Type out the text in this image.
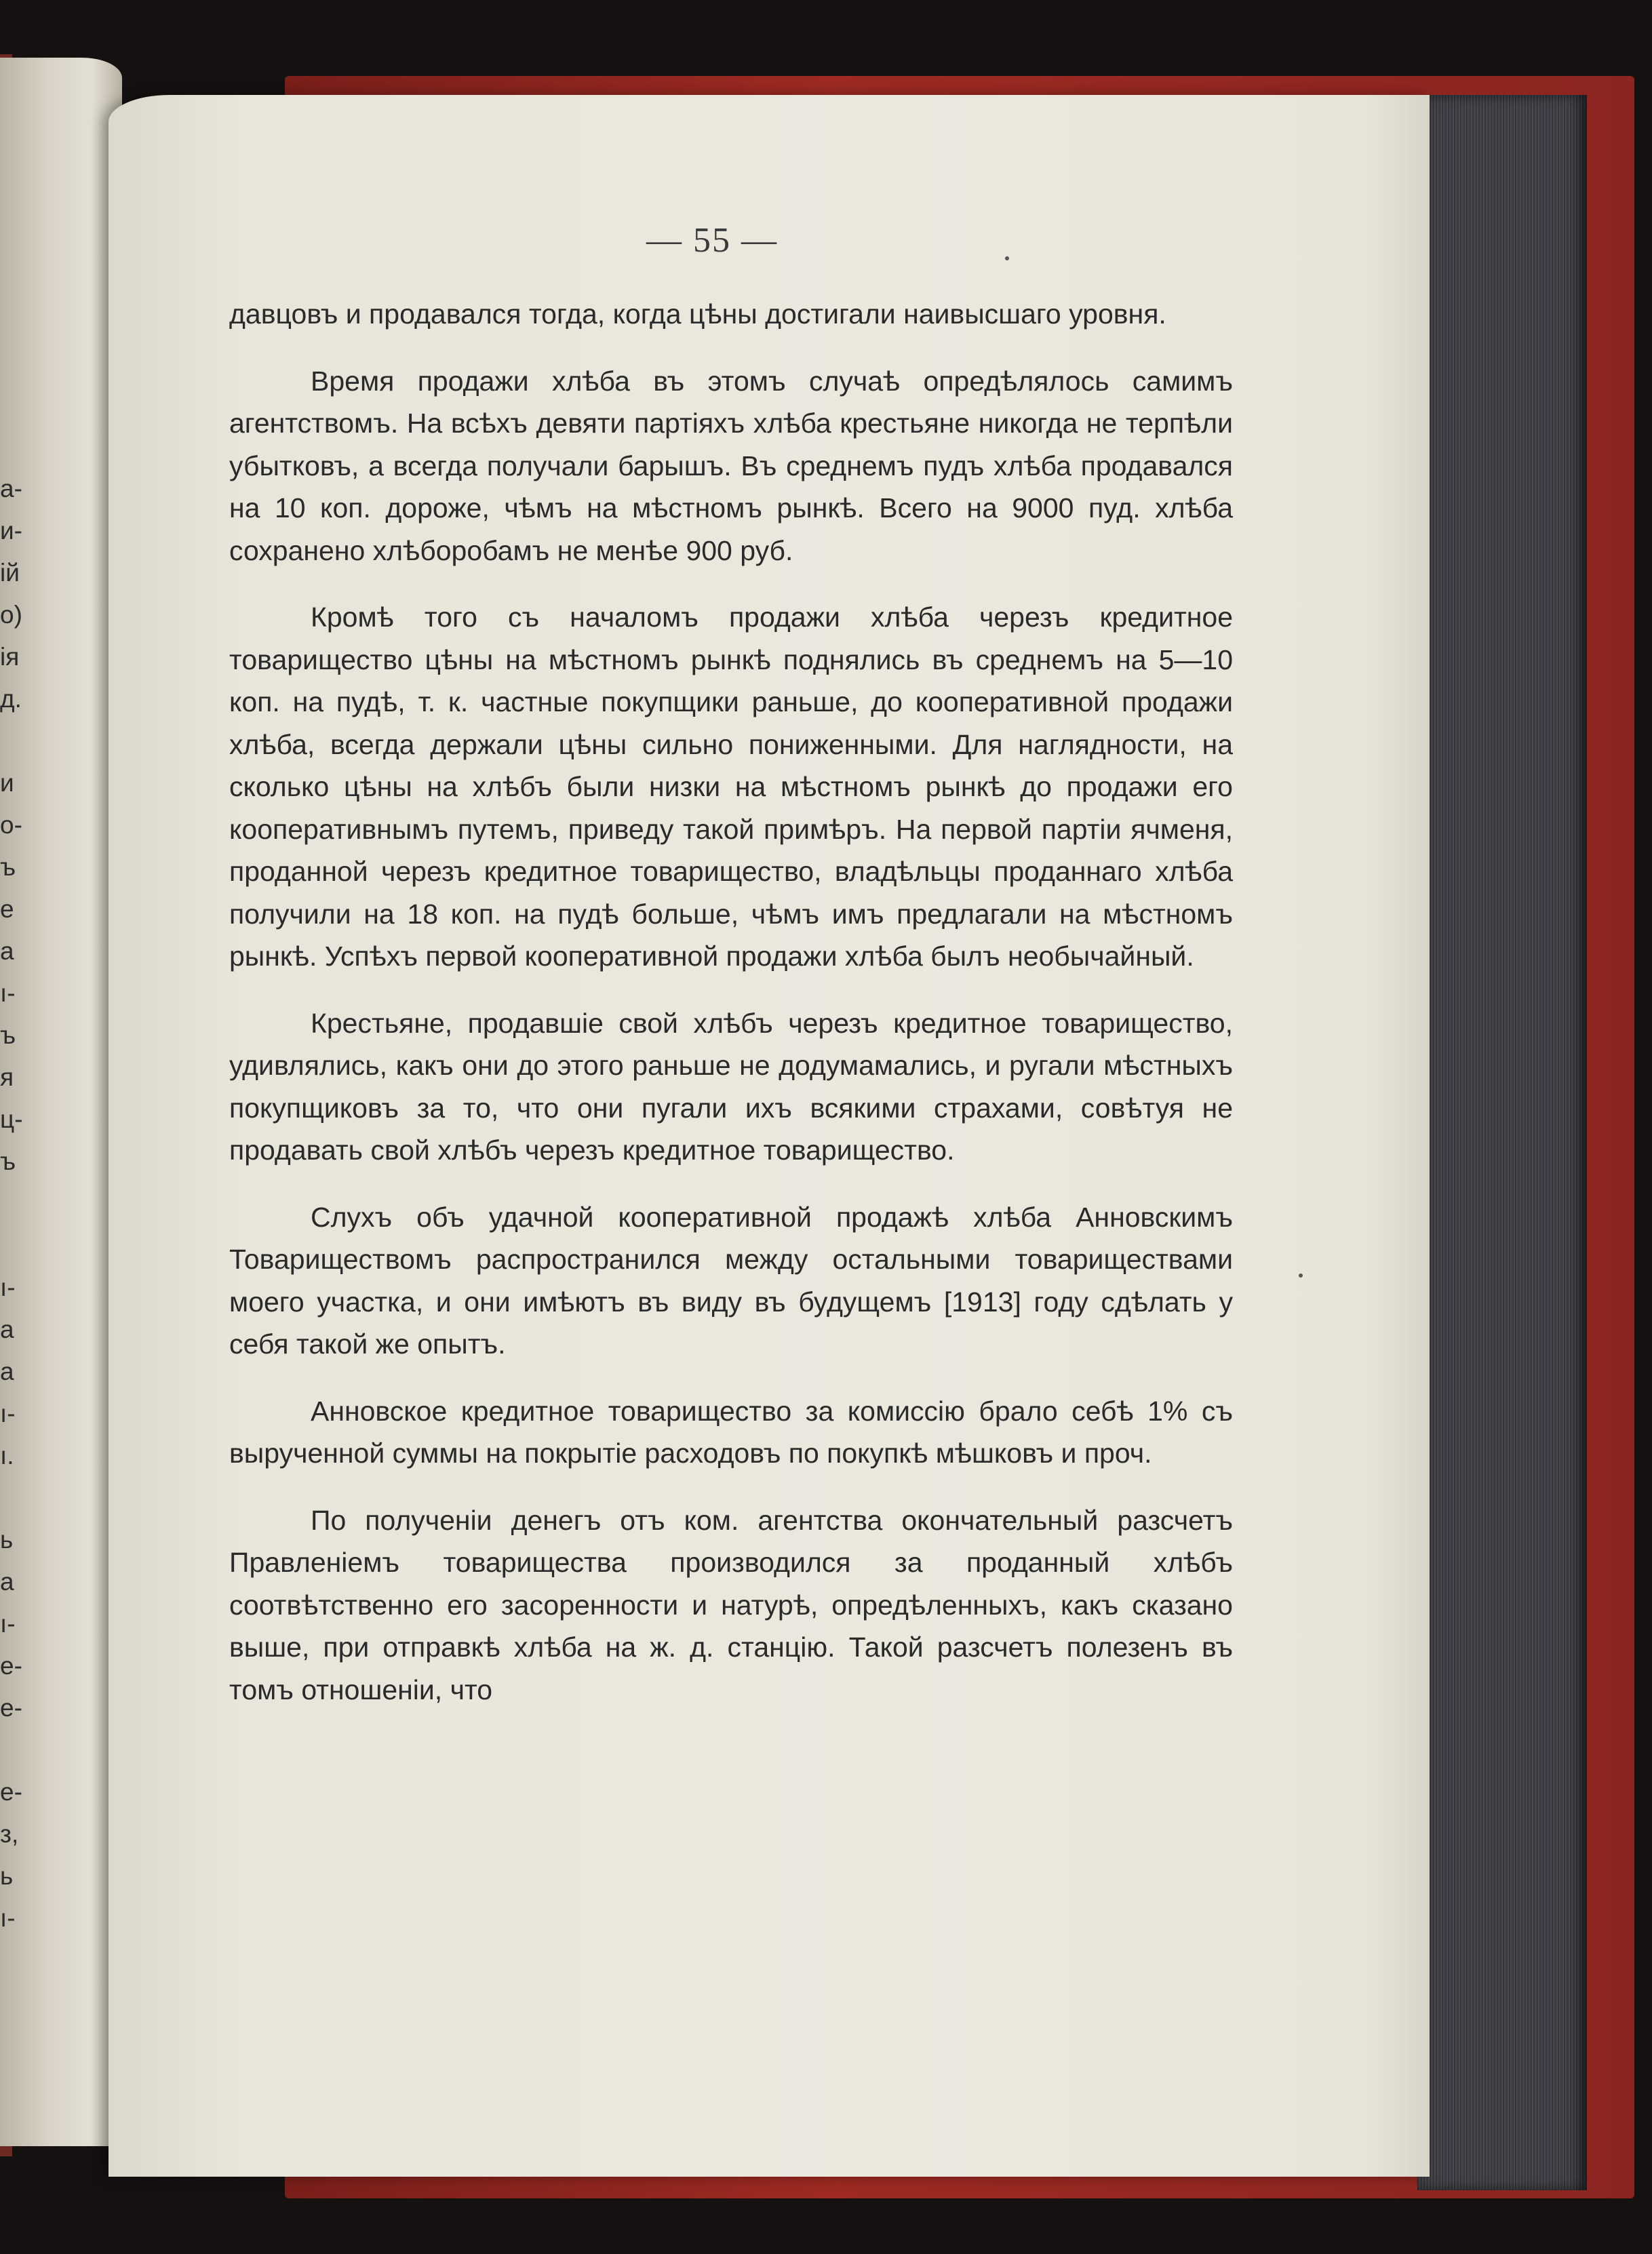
а-
и-
ій
о)
ія
д.
и
о-
ъ
е
а
ı-
ъ
я
ц-
ъ
ı-
а
а
ı-
ı.
ь
а
ı-
е-
е-
е-
з,
ь
ı-
— 55 —

давцовъ и продавался тогда, когда цѣны достигали наивысшаго уровня.

Время продажи хлѣба въ этомъ случаѣ опредѣлялось самимъ агентствомъ. На всѣхъ девяти партіяхъ хлѣба крестьяне никогда не терпѣли убытковъ, а всегда получали барышъ. Въ среднемъ пудъ хлѣба продавался на 10 коп. дороже, чѣмъ на мѣстномъ рынкѣ. Всего на 9000 пуд. хлѣба сохранено хлѣборобамъ не менѣе 900 руб.

Кромѣ того съ началомъ продажи хлѣба черезъ кредитное товарищество цѣны на мѣстномъ рынкѣ поднялись въ среднемъ на 5—10 коп. на пудѣ, т. к. частные покупщики раньше, до кооперативной продажи хлѣба, всегда держали цѣны сильно пониженными. Для наглядности, на сколько цѣны на хлѣбъ были низки на мѣстномъ рынкѣ до продажи его кооперативнымъ путемъ, приведу такой примѣръ. На первой партіи ячменя, проданной черезъ кредитное товарищество, владѣльцы проданнаго хлѣба получили на 18 коп. на пудѣ больше, чѣмъ имъ предлагали на мѣстномъ рынкѣ. Успѣхъ первой кооперативной продажи хлѣба былъ необычайный.

Крестьяне, продавшіе свой хлѣбъ черезъ кредитное товарищество, удивлялись, какъ они до этого раньше не додумамались, и ругали мѣстныхъ покупщиковъ за то, что они пугали ихъ всякими страхами, совѣтуя не продавать свой хлѣбъ черезъ кредитное товарищество.

Слухъ объ удачной кооперативной продажѣ хлѣба Анновскимъ Товариществомъ распространился между остальными товариществами моего участка, и они имѣютъ въ виду въ будущемъ [1913] году сдѣлать у себя такой же опытъ.

Анновское кредитное товарищество за комиссію брало себѣ 1% съ вырученной суммы на покрытіе расходовъ по покупкѣ мѣшковъ и проч.

По полученіи денегъ отъ ком. агентства окончательный разсчетъ Правленіемъ товарищества производился за проданный хлѣбъ соотвѣтственно его засоренности и натурѣ, опредѣленныхъ, какъ сказано выше, при отправкѣ хлѣба на ж. д. станцію. Такой разсчетъ полезенъ въ томъ отношеніи, что
